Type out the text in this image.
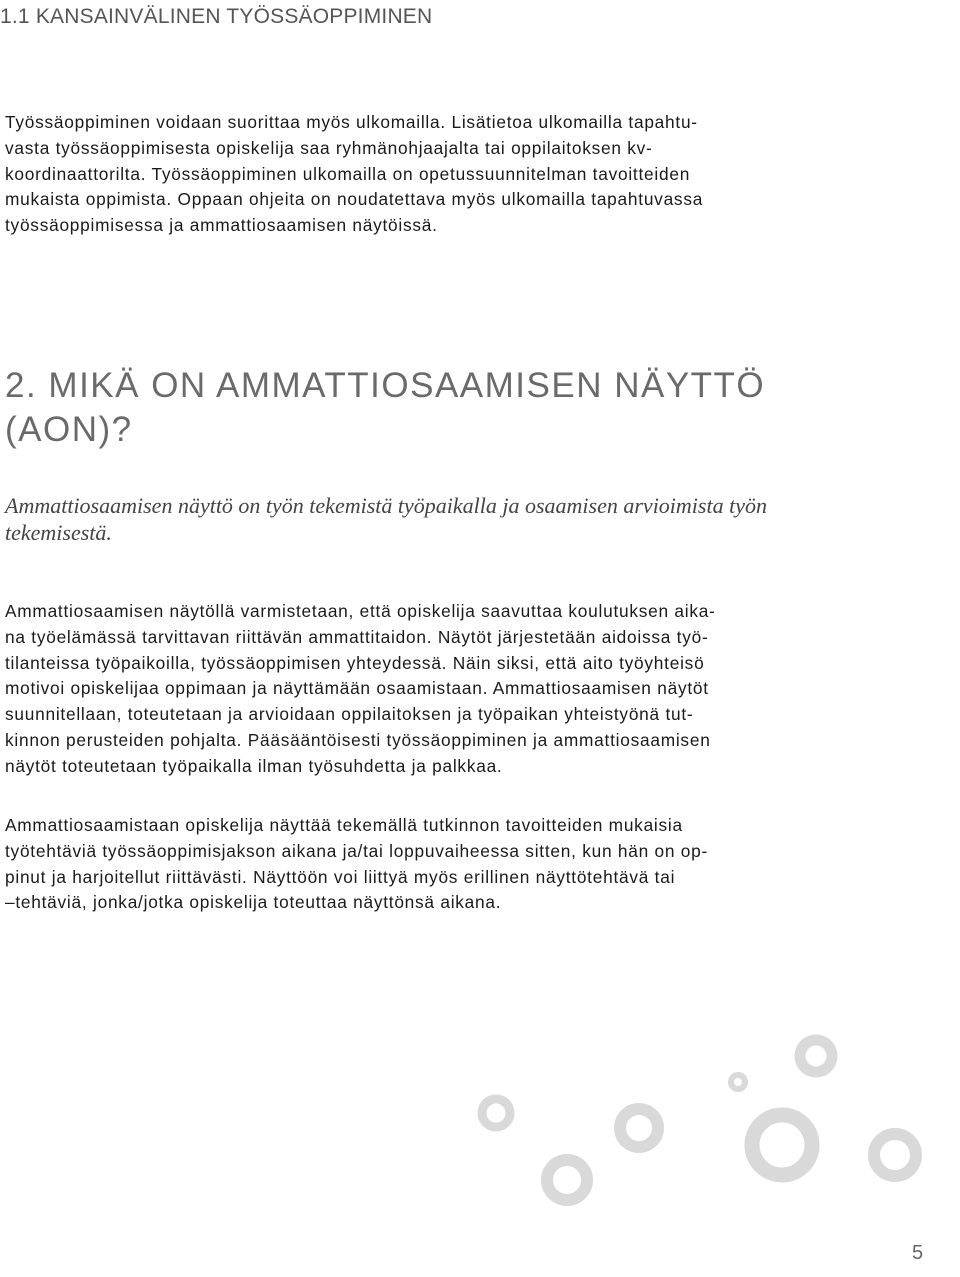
1.1 KANSAINVÄLINEN TYÖSSÄOPPIMINEN

Työssäoppiminen voidaan suorittaa myös ulkomailla. Lisätietoa ulkomailla tapahtu-
vasta työssäoppimisesta opiskelija saa ryhmänohjaajalta tai oppilaitoksen kv-
koordinaattorilta. Työssäoppiminen ulkomailla on opetussuunnitelman tavoitteiden
mukaista oppimista. Oppaan ohjeita on noudatettava myös ulkomailla tapahtuvassa
työssäoppimisessa ja ammattiosaamisen näytöissä.

2. MIKÄ ON AMMATTIOSAAMISEN NÄYTTÖ
(AON)?

Ammattiosaamisen näyttö on työn tekemistä työpaikalla ja osaamisen arvioimista työn
tekemisestä.

Ammattiosaamisen näytöllä varmistetaan, että opiskelija saavuttaa koulutuksen aika-
na työelämässä tarvittavan riittävän ammattitaidon. Näytöt järjestetään aidoissa työ-
tilanteissa työpaikoilla, työssäoppimisen yhteydessä. Näin siksi, että aito työyhteisö
motivoi opiskelijaa oppimaan ja näyttämään osaamistaan. Ammattiosaamisen näytöt
suunnitellaan, toteutetaan ja arvioidaan oppilaitoksen ja työpaikan yhteistyönä tut-
kinnon perusteiden pohjalta. Pääsääntöisesti työssäoppiminen ja ammattiosaamisen
näytöt toteutetaan työpaikalla ilman työsuhdetta ja palkkaa.

Ammattiosaamistaan opiskelija näyttää tekemällä tutkinnon tavoitteiden mukaisia
työtehtäviä työssäoppimisjakson aikana ja/tai loppuvaiheessa sitten, kun hän on op-
pinut ja harjoitellut riittävästi. Näyttöön voi liittyä myös erillinen näyttötehtävä tai
–tehtäviä, jonka/jotka opiskelija toteuttaa näyttönsä aikana.

5
